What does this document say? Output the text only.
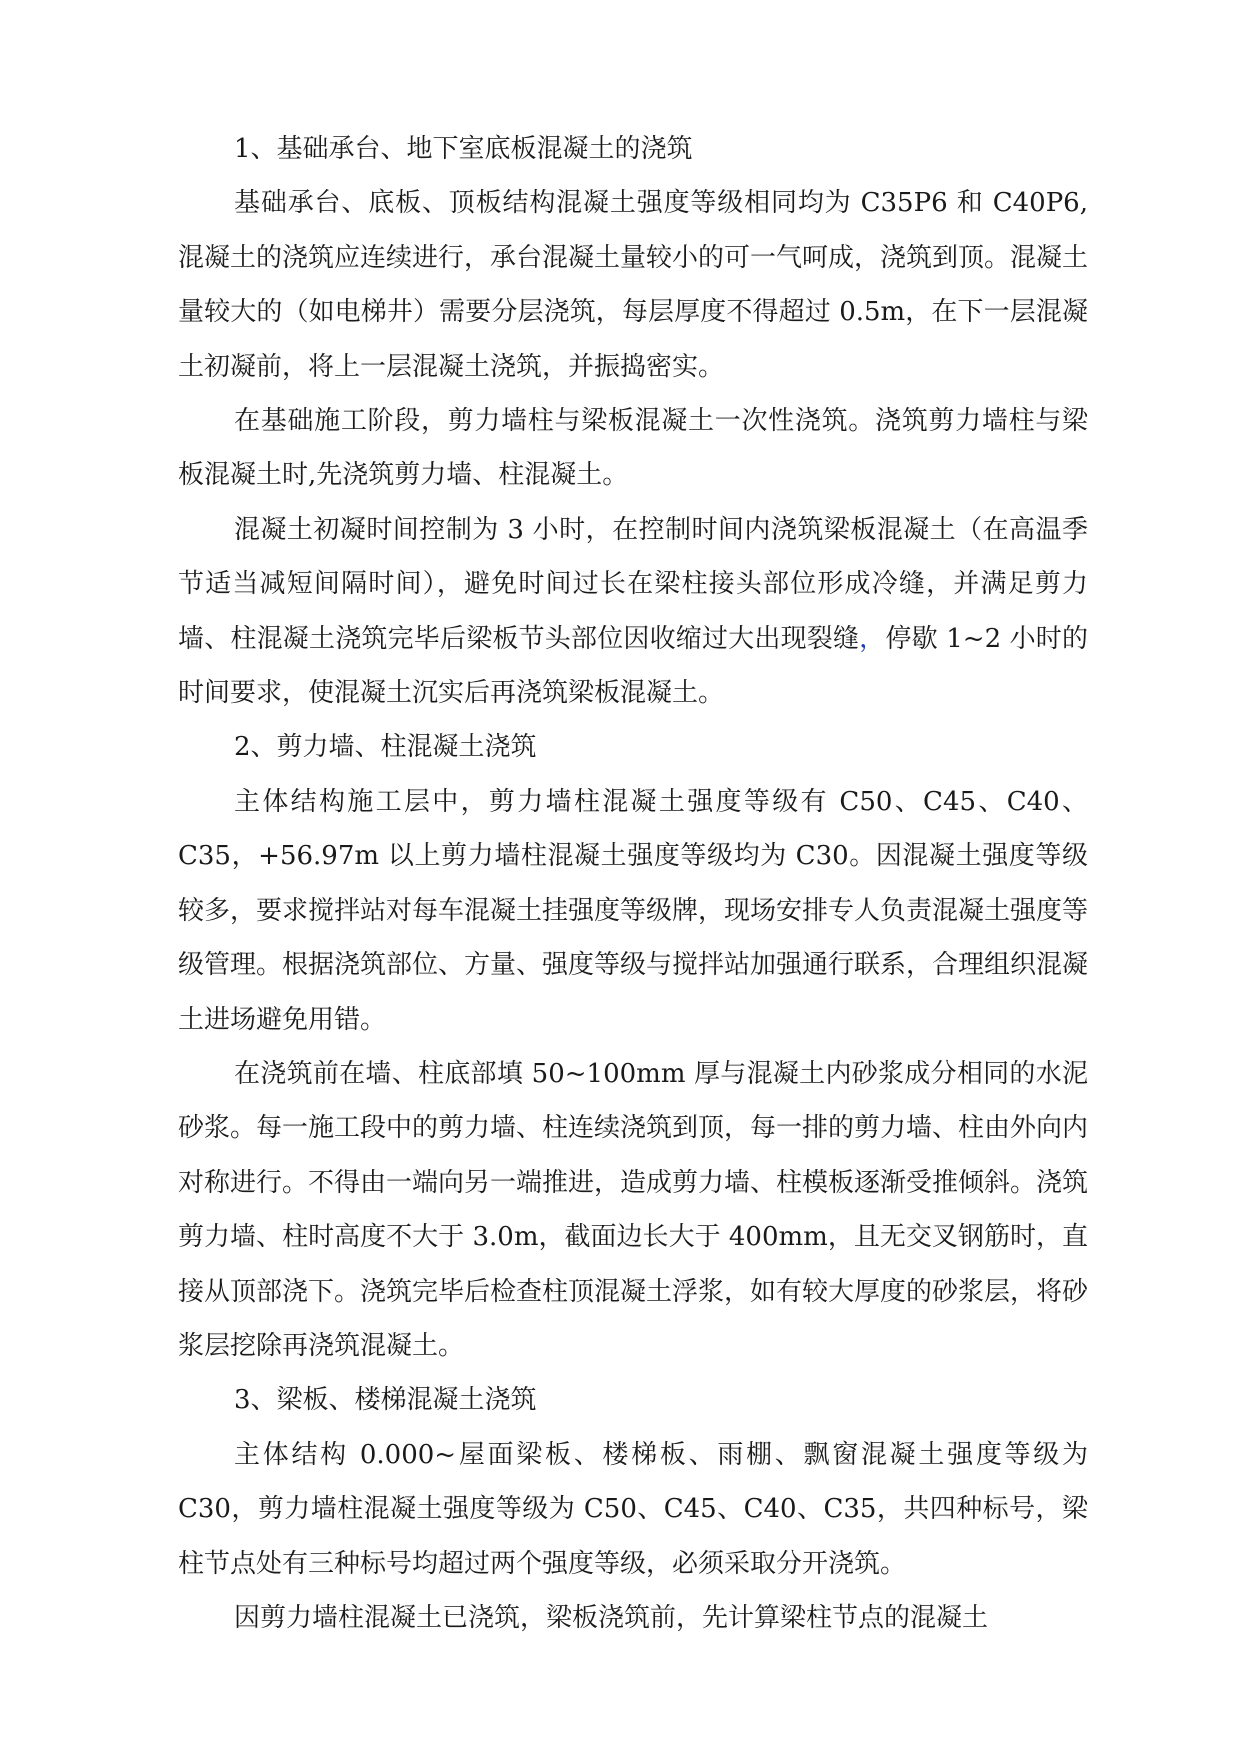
1、基础承台、地下室底板混凝土的浇筑

基础承台、底板、顶板结构混凝土强度等级相同均为 C35P6 和 C40P6,混凝土的浇筑应连续进行，承台混凝土量较小的可一气呵成，浇筑到顶。混凝土量较大的（如电梯井）需要分层浇筑，每层厚度不得超过 0.5m，在下一层混凝土初凝前，将上一层混凝土浇筑，并振捣密实。

在基础施工阶段，剪力墙柱与梁板混凝土一次性浇筑。浇筑剪力墙柱与梁板混凝土时,先浇筑剪力墙、柱混凝土。

混凝土初凝时间控制为 3 小时，在控制时间内浇筑梁板混凝土（在高温季节适当减短间隔时间），避免时间过长在梁柱接头部位形成冷缝，并满足剪力墙、柱混凝土浇筑完毕后梁板节头部位因收缩过大出现裂缝，停歇 1~2 小时的时间要求，使混凝土沉实后再浇筑梁板混凝土。

2、剪力墙、柱混凝土浇筑

主体结构施工层中，剪力墙柱混凝土强度等级有 C50、C45、C40、C35，+56.97m 以上剪力墙柱混凝土强度等级均为 C30。因混凝土强度等级较多，要求搅拌站对每车混凝土挂强度等级牌，现场安排专人负责混凝土强度等级管理。根据浇筑部位、方量、强度等级与搅拌站加强通行联系，合理组织混凝土进场避免用错。

在浇筑前在墙、柱底部填 50~100mm 厚与混凝土内砂浆成分相同的水泥砂浆。每一施工段中的剪力墙、柱连续浇筑到顶，每一排的剪力墙、柱由外向内对称进行。不得由一端向另一端推进，造成剪力墙、柱模板逐渐受推倾斜。浇筑剪力墙、柱时高度不大于 3.0m，截面边长大于 400mm，且无交叉钢筋时，直接从顶部浇下。浇筑完毕后检查柱顶混凝土浮浆，如有较大厚度的砂浆层，将砂浆层挖除再浇筑混凝土。

3、梁板、楼梯混凝土浇筑

主体结构 0.000~屋面梁板、楼梯板、雨棚、飘窗混凝土强度等级为 C30，剪力墙柱混凝土强度等级为 C50、C45、C40、C35，共四种标号，梁柱节点处有三种标号均超过两个强度等级，必须采取分开浇筑。

因剪力墙柱混凝土已浇筑，梁板浇筑前，先计算梁柱节点的混凝土
